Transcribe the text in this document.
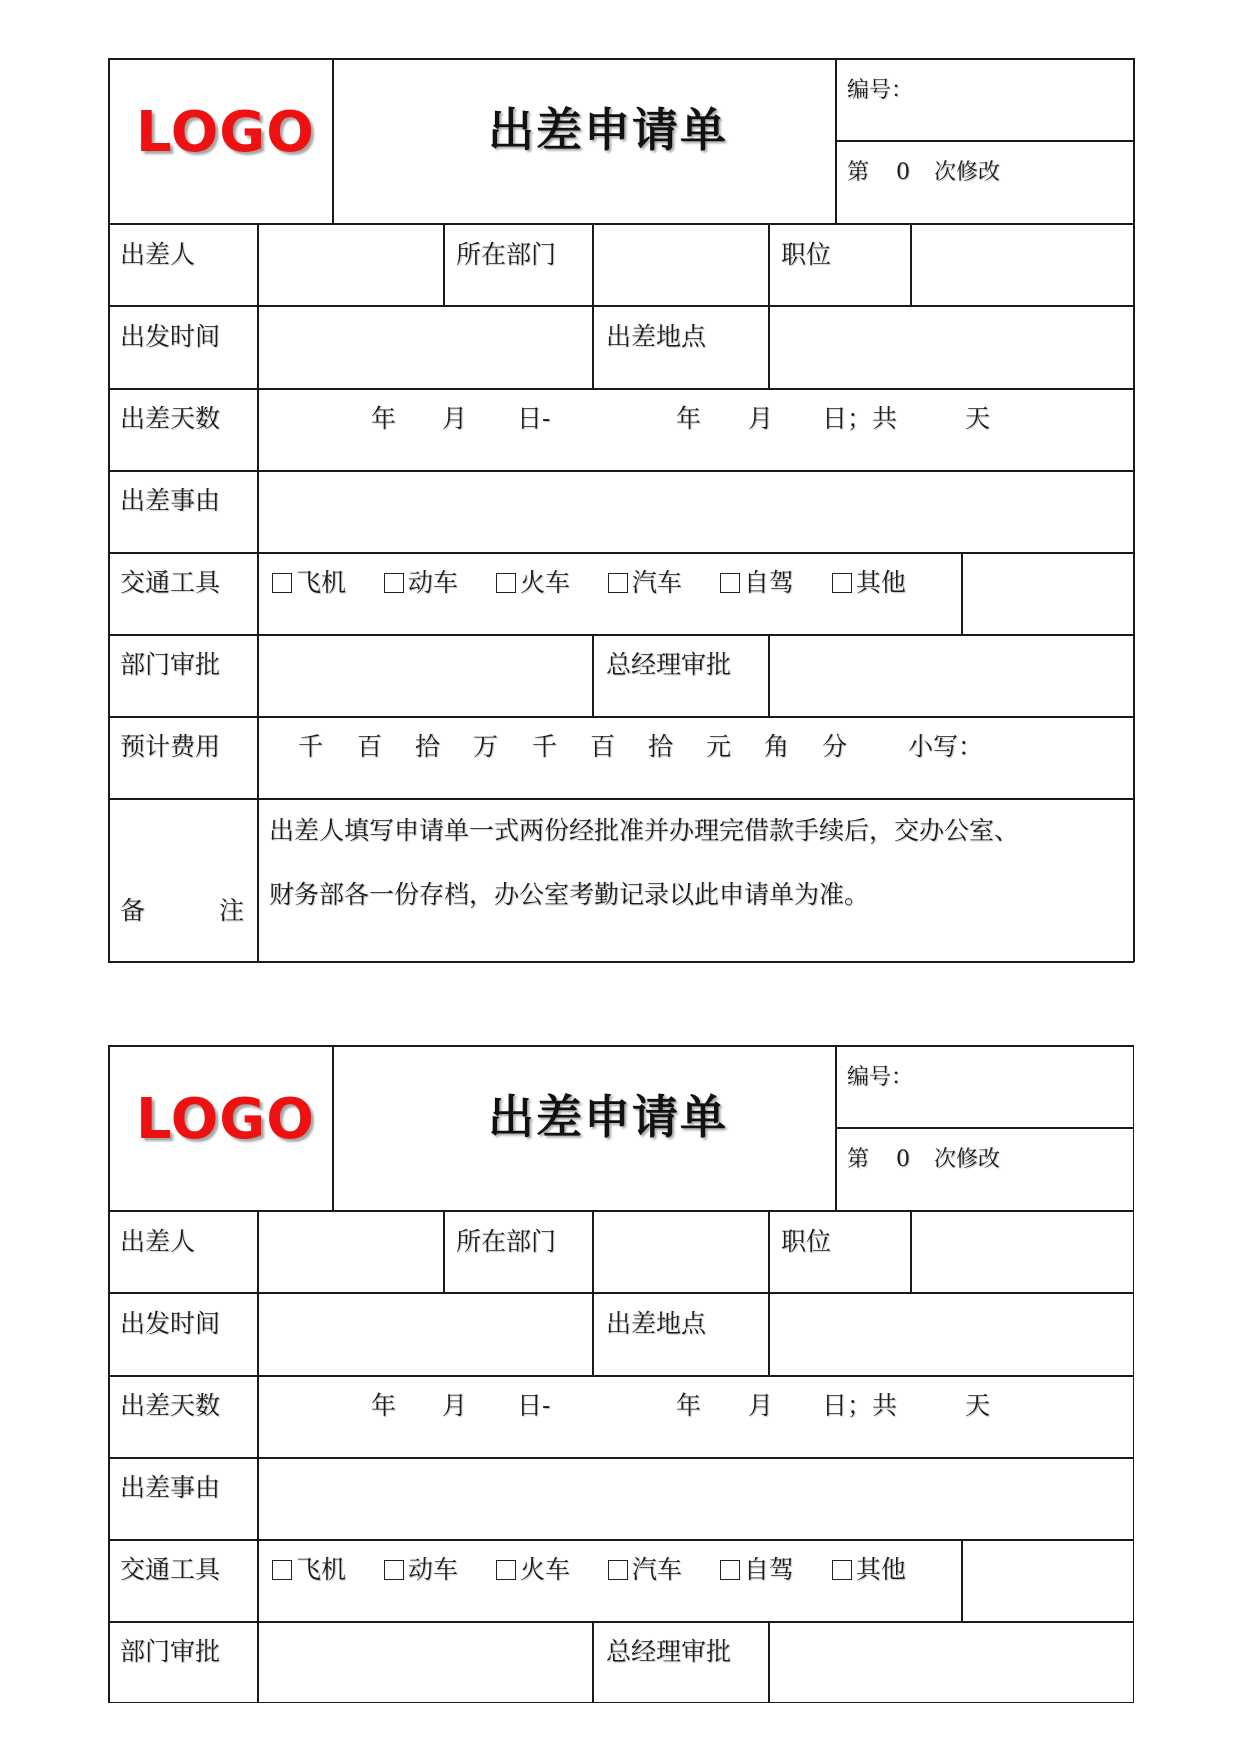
LOGO	出差申请单
编号：
第 0 次修改
出差人	所在部门	职位
出发时间	出差地点
出差天数	年 月 日-	年 月 日；共	天
出差事由
交通工具	飞机 动车 火车 汽车 自驾 其他
部门审批	总经理审批
预计费用	千 百 拾 万 千 百 拾 元 角 分 小写：
备	注
出差人填写申请单一式两份经批准并办理完借款手续后，交办公室、
财务部各一份存档，办公室考勤记录以此申请单为准。
LOGO	出差申请单
编号：
第 0 次修改
出差人	所在部门	职位
出发时间	出差地点
出差天数	年 月 日-	年 月 日；共	天
出差事由
交通工具	飞机 动车 火车 汽车 自驾 其他
部门审批	总经理审批
